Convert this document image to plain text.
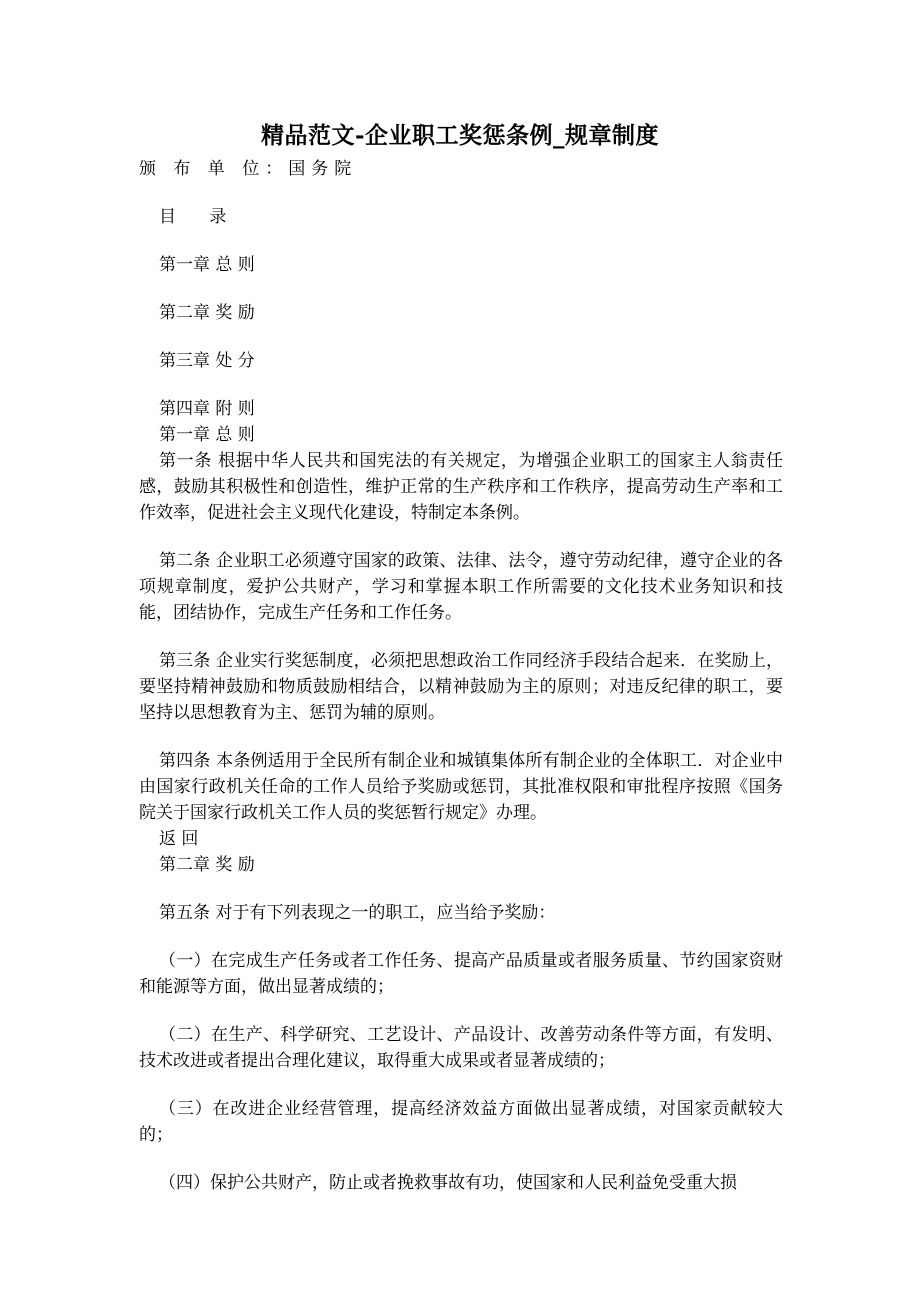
精品范文-企业职工奖惩条例_规章制度
颁 布 单 位：国务院
目 录
第一章 总 则
第二章 奖 励
第三章 处 分
第四章 附 则
第一章 总 则
第一条 根据中华人民共和国宪法的有关规定，为增强企业职工的国家主人翁责任感，鼓励其积极性和创造性，维护正常的生产秩序和工作秩序，提高劳动生产率和工作效率，促进社会主义现代化建设，特制定本条例。
第二条 企业职工必须遵守国家的政策、法律、法令，遵守劳动纪律，遵守企业的各项规章制度，爱护公共财产，学习和掌握本职工作所需要的文化技术业务知识和技能，团结协作，完成生产任务和工作任务。
第三条 企业实行奖惩制度，必须把思想政治工作同经济手段结合起来．在奖励上，要坚持精神鼓励和物质鼓励相结合，以精神鼓励为主的原则；对违反纪律的职工，要坚持以思想教育为主、惩罚为辅的原则。
第四条 本条例适用于全民所有制企业和城镇集体所有制企业的全体职工．对企业中由国家行政机关任命的工作人员给予奖励或惩罚，其批准权限和审批程序按照《国务院关于国家行政机关工作人员的奖惩暂行规定》办理。
返 回
第二章 奖 励
第五条 对于有下列表现之一的职工，应当给予奖励：
（一）在完成生产任务或者工作任务、提高产品质量或者服务质量、节约国家资财和能源等方面，做出显著成绩的；
（二）在生产、科学研究、工艺设计、产品设计、改善劳动条件等方面，有发明、技术改进或者提出合理化建议，取得重大成果或者显著成绩的；
（三）在改进企业经营管理，提高经济效益方面做出显著成绩，对国家贡献较大的；
（四）保护公共财产，防止或者挽救事故有功，使国家和人民利益免受重大损
